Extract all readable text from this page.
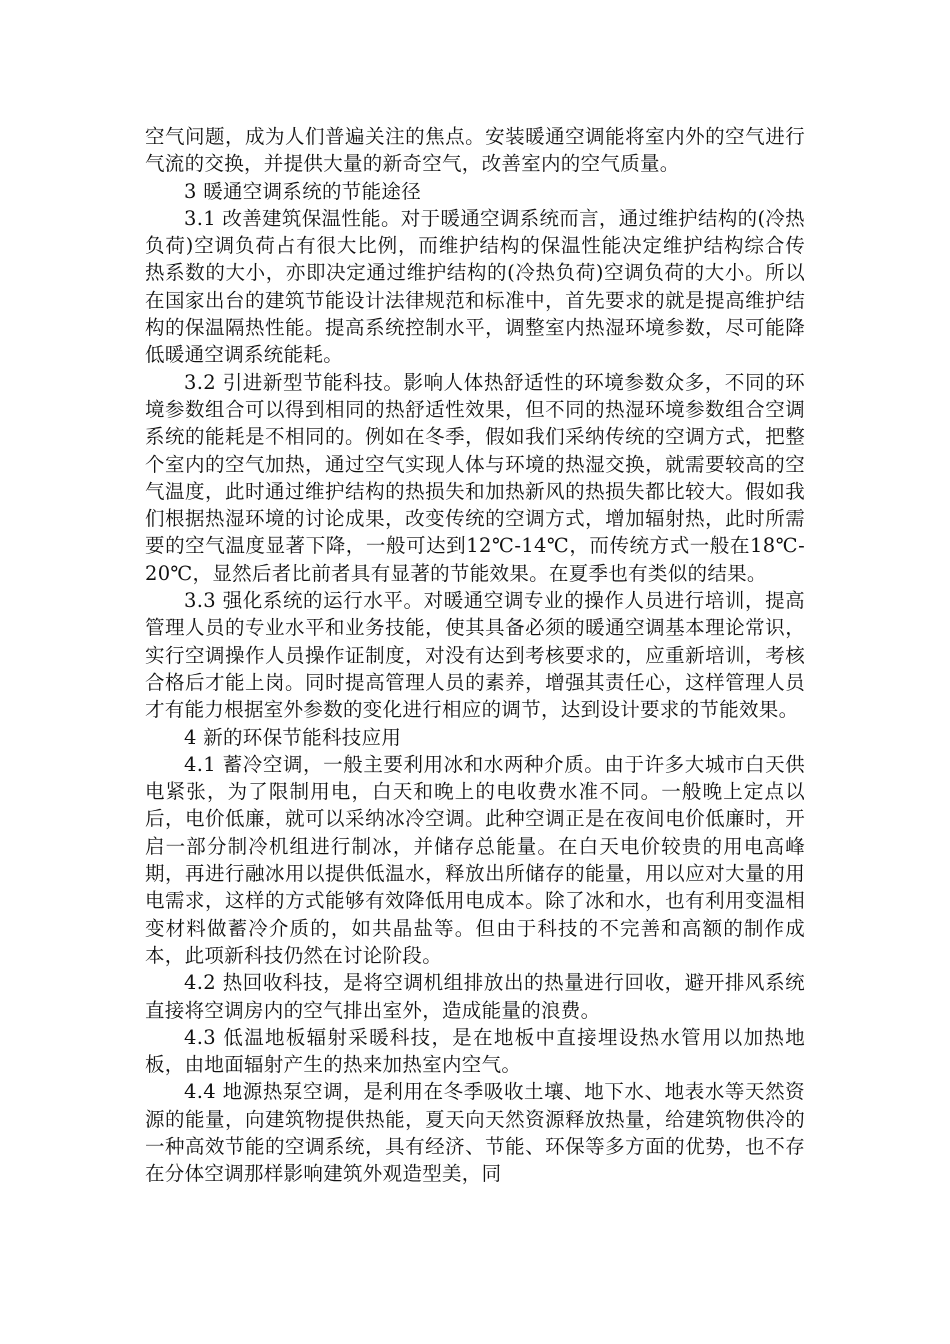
空气问题，成为人们普遍关注的焦点。安装暖通空调能将室内外的空气进行气流的交换，并提供大量的新奇空气，改善室内的空气质量。

3 暖通空调系统的节能途径

3.1 改善建筑保温性能。对于暖通空调系统而言，通过维护结构的(冷热负荷)空调负荷占有很大比例，而维护结构的保温性能决定维护结构综合传热系数的大小，亦即决定通过维护结构的(冷热负荷)空调负荷的大小。所以在国家出台的建筑节能设计法律规范和标准中，首先要求的就是提高维护结构的保温隔热性能。提高系统控制水平，调整室内热湿环境参数，尽可能降低暖通空调系统能耗。

3.2 引进新型节能科技。影响人体热舒适性的环境参数众多，不同的环境参数组合可以得到相同的热舒适性效果，但不同的热湿环境参数组合空调系统的能耗是不相同的。例如在冬季，假如我们采纳传统的空调方式，把整个室内的空气加热，通过空气实现人体与环境的热湿交换，就需要较高的空气温度，此时通过维护结构的热损失和加热新风的热损失都比较大。假如我们根据热湿环境的讨论成果，改变传统的空调方式，增加辐射热，此时所需要的空气温度显著下降，一般可达到12℃-14℃，而传统方式一般在18℃-20℃，显然后者比前者具有显著的节能效果。在夏季也有类似的结果。

3.3 强化系统的运行水平。对暖通空调专业的操作人员进行培训，提高管理人员的专业水平和业务技能，使其具备必须的暖通空调基本理论常识，实行空调操作人员操作证制度，对没有达到考核要求的，应重新培训，考核合格后才能上岗。同时提高管理人员的素养，增强其责任心，这样管理人员才有能力根据室外参数的变化进行相应的调节，达到设计要求的节能效果。

4 新的环保节能科技应用

4.1 蓄冷空调，一般主要利用冰和水两种介质。由于许多大城市白天供电紧张，为了限制用电，白天和晚上的电收费水准不同。一般晚上定点以后，电价低廉，就可以采纳冰冷空调。此种空调正是在夜间电价低廉时，开启一部分制冷机组进行制冰，并储存总能量。在白天电价较贵的用电高峰期，再进行融冰用以提供低温水，释放出所储存的能量，用以应对大量的用电需求，这样的方式能够有效降低用电成本。除了冰和水，也有利用变温相变材料做蓄冷介质的，如共晶盐等。但由于科技的不完善和高额的制作成本，此项新科技仍然在讨论阶段。

4.2 热回收科技，是将空调机组排放出的热量进行回收，避开排风系统直接将空调房内的空气排出室外，造成能量的浪费。

4.3 低温地板辐射采暖科技，是在地板中直接埋设热水管用以加热地板，由地面辐射产生的热来加热室内空气。

4.4 地源热泵空调，是利用在冬季吸收土壤、地下水、地表水等天然资源的能量，向建筑物提供热能，夏天向天然资源释放热量，给建筑物供冷的一种高效节能的空调系统，具有经济、节能、环保等多方面的优势，也不存在分体空调那样影响建筑外观造型美，同
